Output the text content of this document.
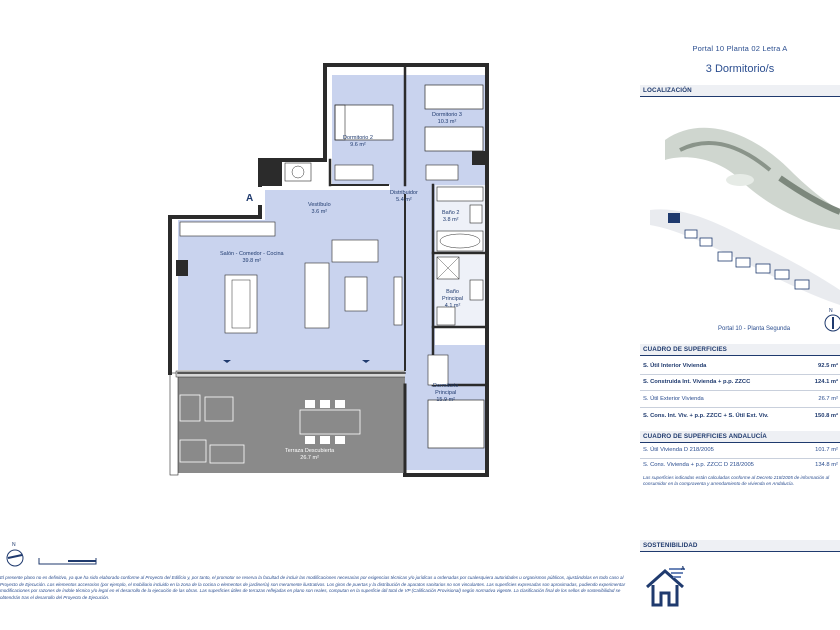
A
Dormitorio 2
9.6 m²
Dormitorio 3
10.3 m²
Distribuidor
5.4 m²
Vestíbulo
3.6 m²	Baño 2
3.8 m²
Salón - Comedor - Cocina
39.8 m²

Baño
Principal

4.1 m²

Dormitorio
Principal

15.9 m²

Terraza Descubierta
26.7 m²
Portal 10 Planta 02 Letra A
3 Dormitorio/s
LOCALIZACIÓN
N
Portal 10 - Planta Segunda
CUADRO DE SUPERFICIES
S. Útil Interior Vivienda	92.5 m²
S. Construida Int. Vivienda + p.p. ZZCC	124.1 m²
S. Útil Exterior Vivienda	26.7 m²
S. Cons. Int. Viv. + p.p. ZZCC + S. Útil Ext. Viv.	150.8 m²
CUADRO DE SUPERFICIES ANDALUCÍA
S. Útil Vivienda D 218/2005	101.7 m²
S. Cons. Vivienda + p.p. ZZCC D 218/2005	134.8 m²
Las superficies indicadas están calculadas conforme al Decreto 218/2005 de información al consumidor en la compraventa y arrendamiento de vivienda en Andalucía.
SOSTENIBILIDAD
A
N
El presente plano no es definitivo, ya que ha sido elaborado conforme al Proyecto del Edificio y, por tanto, el promotor se reserva la facultad de incluir las modificaciones necesarias por exigencias técnicas y/o jurídicas u ordenadas por cualesquiera autoridades u organismos públicos, ajustándolas en todo caso al Proyecto de Ejecución. Los elementos accesorios (por ejemplo, el mobiliario incluido en la zona de la cocina o elementos de jardinería) son meramente ilustrativos. Los giros de puertas y la distribución de aparatos sanitarios no son vinculantes. Las superficies expresadas son aproximadas, pudiendo experimentar modificaciones por razones de índole técnico y/o legal en el desarrollo de la ejecución de las obras. Las superficies útiles de terrazas reflejadas en plano son reales, computan en la superficie útil total de VP (Calificación Provisional) según normativa vigente. La clasificación final de los sellos de sostenibilidad se obtendrán tras el desarrollo del Proyecto de Ejecución.
